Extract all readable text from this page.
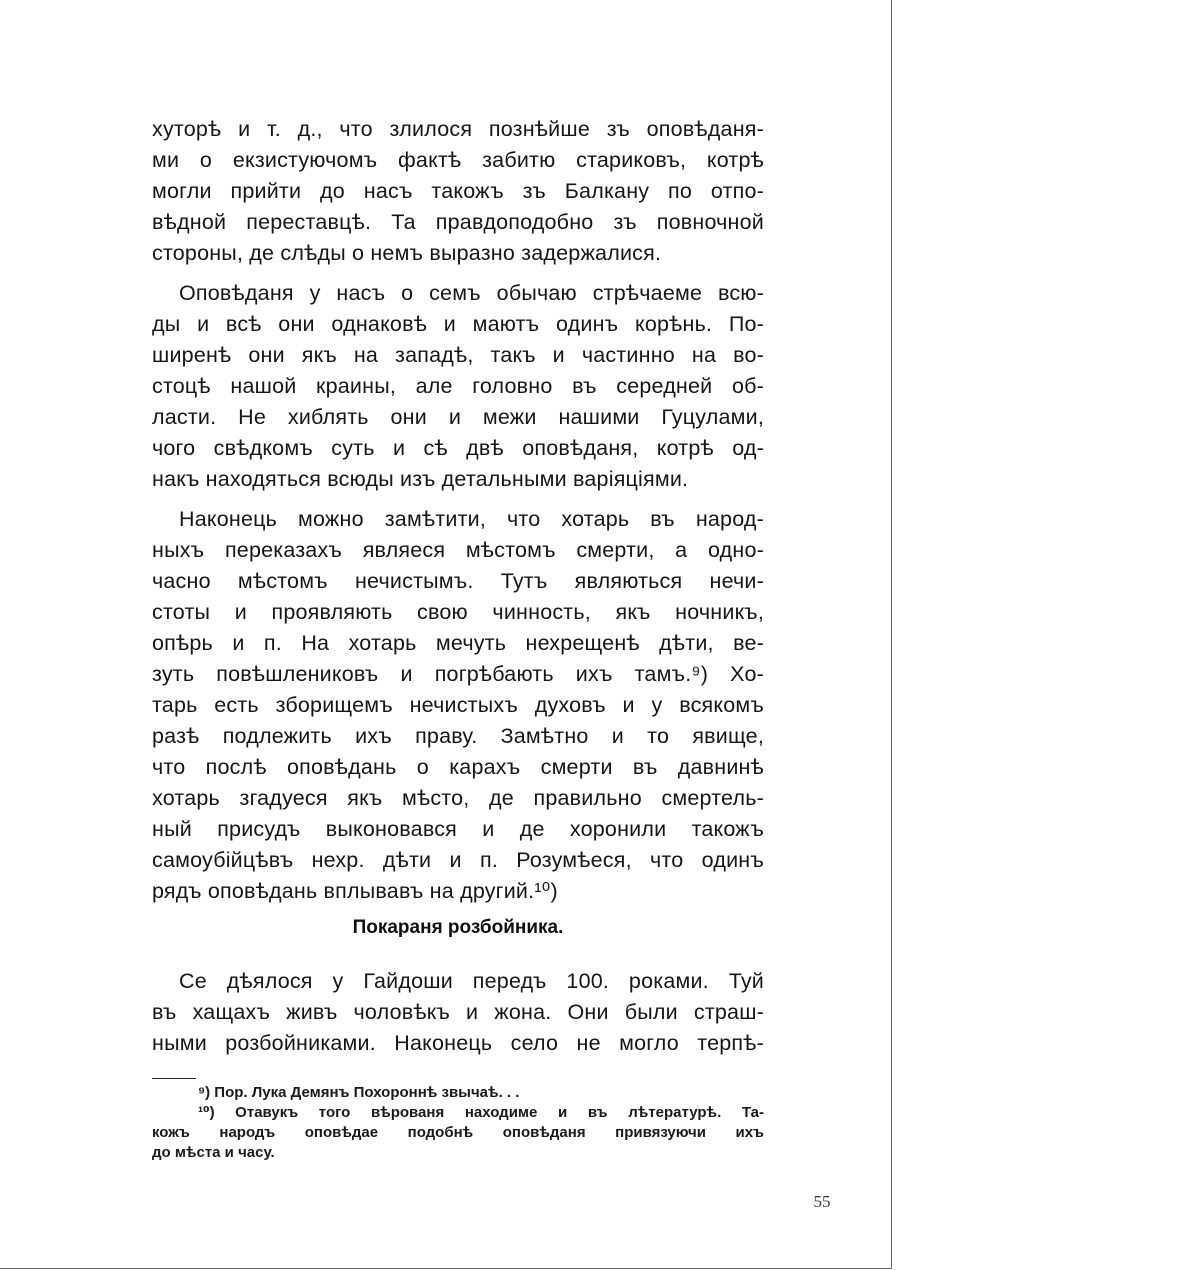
хуторѣ и т. д., что злилося познѣйше зъ оповѣданя-
ми о екзистуючомъ фактѣ забитю стариковъ, котрѣ
могли прийти до насъ такожъ зъ Балкану по отпо-
вѣдной переставцѣ. Та правдоподобно зъ повночной
стороны, де слѣды о немъ выразно задержалися.
Оповѣданя у насъ о семъ обычаю стрѣчаеме всю-
ды и всѣ они однаковѣ и маютъ одинъ корѣнь. По-
ширенѣ они якъ на западѣ, такъ и частинно на во-
стоцѣ нашой краины, але головно въ середней об-
ласти. Не хиблять они и межи нашими Гуцулами,
чого свѣдкомъ суть и сѣ двѣ оповѣданя, котрѣ од-
накъ находяться всюды изъ детальными варіяціями.
Наконець можно замѣтити, что хотарь въ народ-
ныхъ переказахъ являеся мѣстомъ смерти, а одно-
часно мѣстомъ нечистымъ. Тутъ являються нечи-
стоты и проявляють свою чинность, якъ ночникъ,
опѣрь и п. На хотарь мечуть нехрещенѣ дѣти, ве-
зуть повѣшлениковъ и погрѣбають ихъ тамъ.⁹) Хо-
тарь есть зборищемъ нечистыхъ духовъ и у всякомъ
разѣ подлежить ихъ праву. Замѣтно и то явище,
что послѣ оповѣдань о карахъ смерти въ давнинѣ
хотарь згадуеся якъ мѣсто, де правильно смертель-
ный присудъ выконовався и де хоронили такожъ
самоубійцѣвъ нехр. дѣти и п. Розумѣеся, что одинъ
рядъ оповѣдань вплывавъ на другий.¹⁰)
Покараня розбойника.
Се дѣялося у Гайдоши передъ 100. роками. Туй
въ хащахъ живъ чоловѣкъ и жона. Они были страш-
ными розбойниками. Наконець село не могло терпѣ-
⁹) Пор. Лука Демянъ Похороннѣ звычаѣ. . .
¹⁰) Отавукъ того вѣрованя находиме и въ лѣтературѣ. Та-
кожъ народъ оповѣдае подобнѣ оповѣданя привязуючи ихъ
до мѣста и часу.
55
